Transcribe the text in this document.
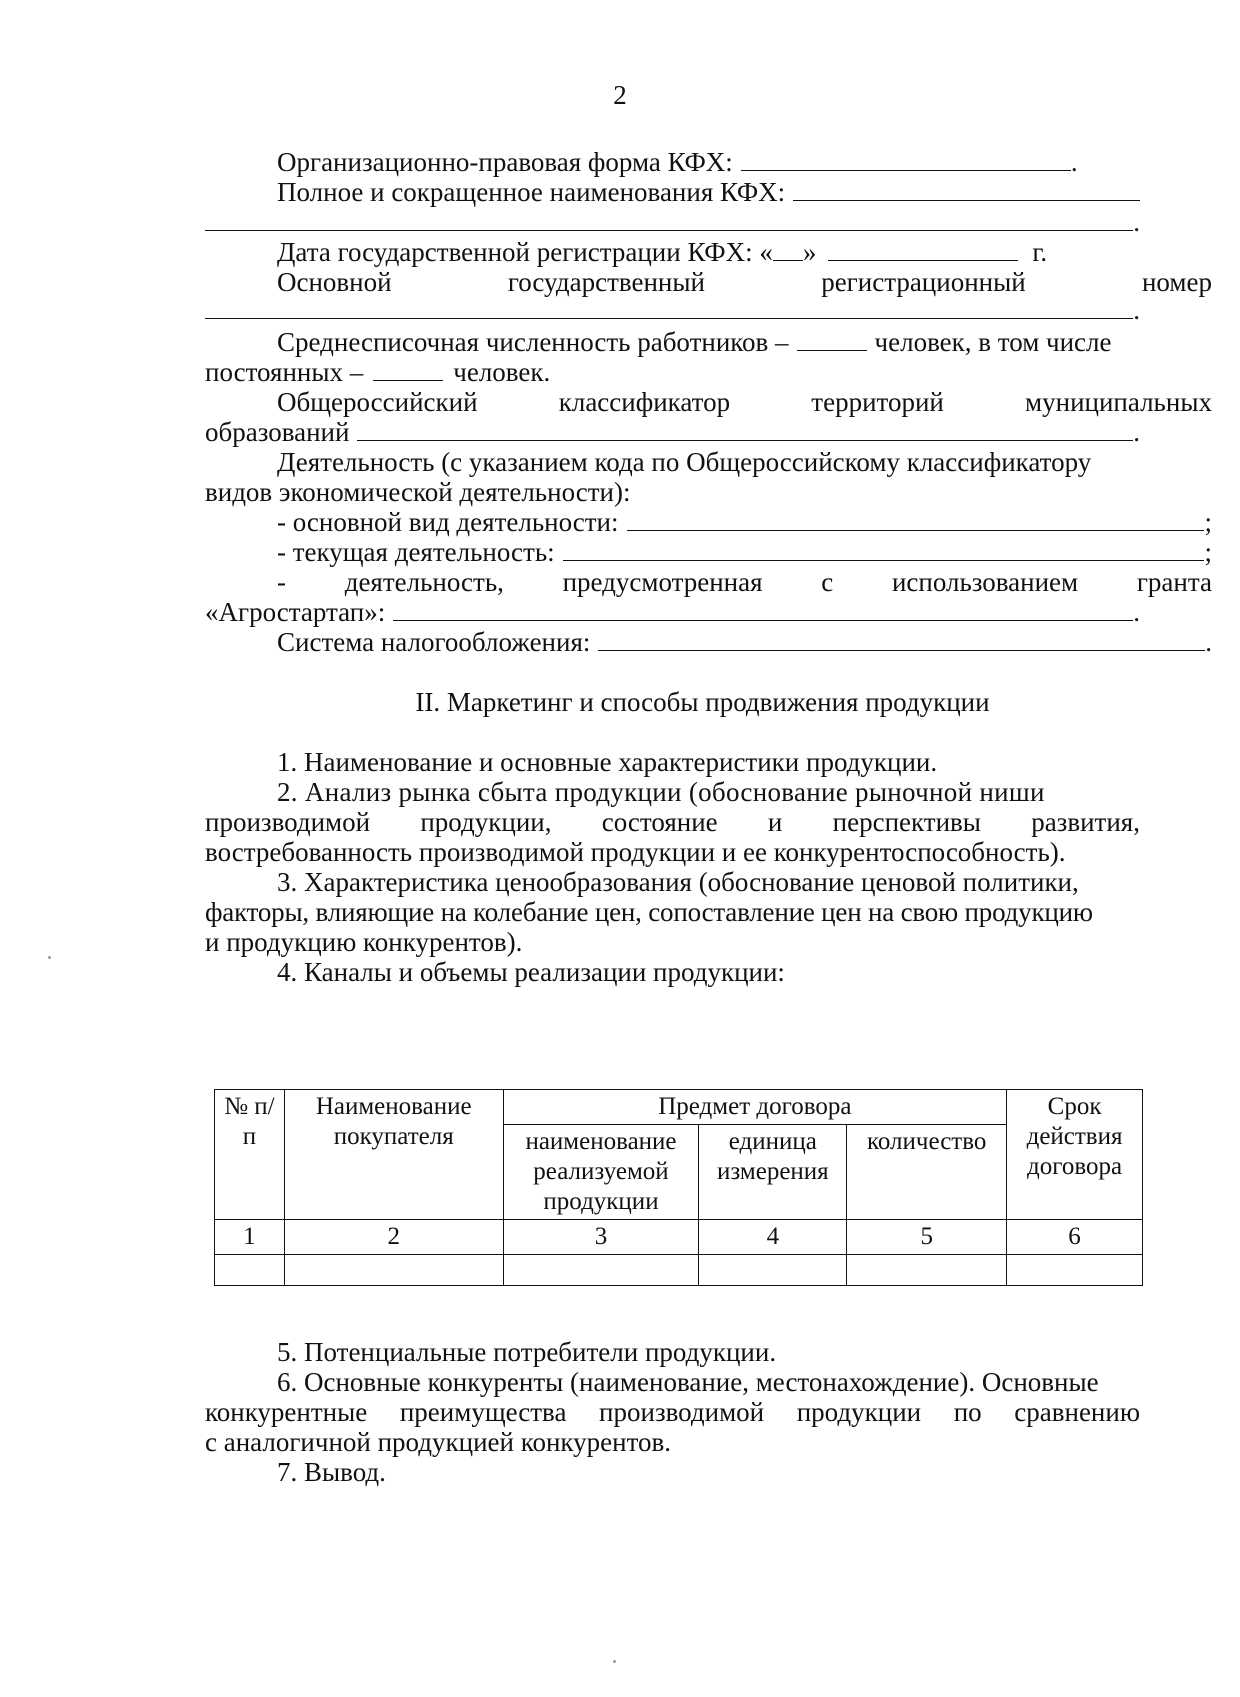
2
Организационно-правовая форма КФХ:	.
Полное и сокращенное наименования КФХ:
.
Дата государственной регистрации КФХ: « »	г.
Основной	государственный	регистрационный	номер
.
Среднесписочная численность работников –	человек, в том числе
постоянных –	человек.
Общероссийский	классификатор	территорий	муниципальных
образований	.
Деятельность (с указанием кода по Общероссийскому классификатору
видов экономической деятельности):
- основной вид деятельности:	;
- текущая деятельность:	;
- деятельность, предусмотренная с использованием гранта
«Агростартап»:	.
Система налогообложения:	.
II. Маркетинг и способы продвижения продукции
1. Наименование и основные характеристики продукции.
2. Анализ рынка сбыта продукции (обоснование рыночной ниши
производимой продукции, состояние и перспективы развития,
востребованность производимой продукции и ее конкурентоспособность).
3. Характеристика ценообразования (обоснование ценовой политики,
факторы, влияющие на колебание цен, сопоставление цен на свою продукцию
и продукцию конкурентов).
4. Каналы и объемы реализации продукции:
№ п/п	Наименование покупателя	Предмет договора			Срок действия договора
		наименование реализуемой продукции	единица измерения	количество	
1	2	3	4	5	6

5. Потенциальные потребители продукции.
6. Основные конкуренты (наименование, местонахождение). Основные
конкурентные преимущества производимой продукции по сравнению
с аналогичной продукцией конкурентов.
7. Вывод.
